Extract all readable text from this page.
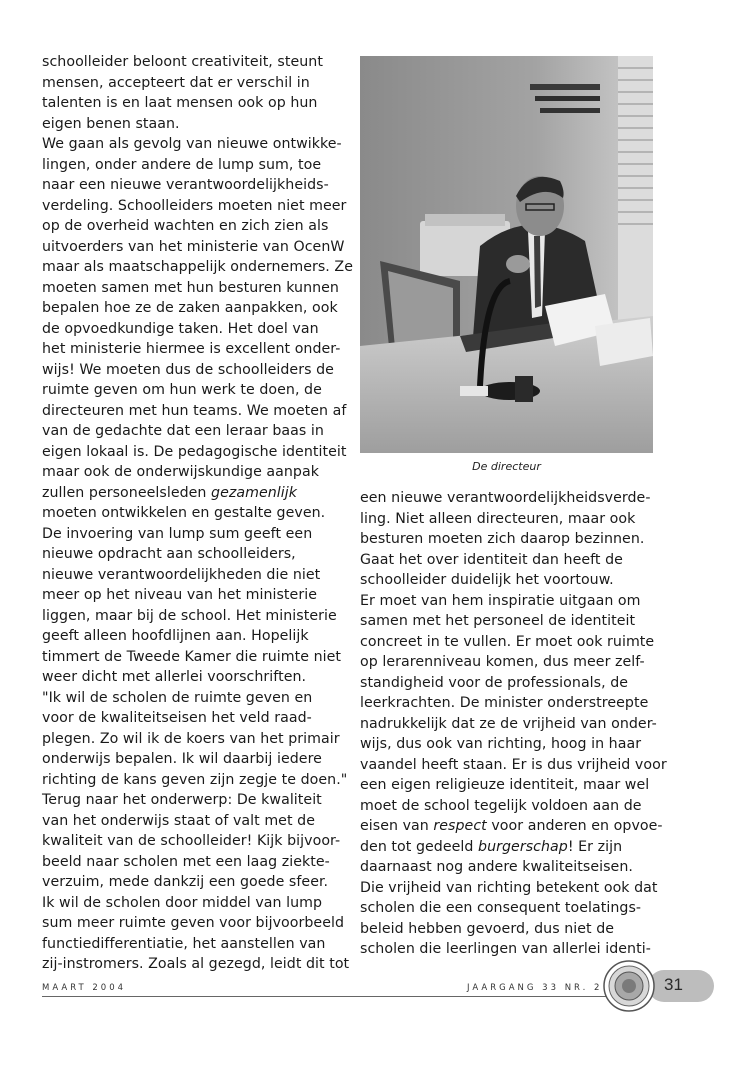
schoolleider beloont creativiteit, steunt
mensen, accepteert dat er verschil in
talenten is en laat mensen ook op hun
eigen benen staan.
We gaan als gevolg van nieuwe ontwikke-
lingen, onder andere de lump sum, toe
naar een nieuwe verantwoordelijkheids-
verdeling. Schoolleiders moeten niet meer
op de overheid wachten en zich zien als
uitvoerders van het ministerie van OcenW
maar als maatschappelijk ondernemers. Ze
moeten samen met hun besturen kunnen
bepalen hoe ze de zaken aanpakken, ook
de opvoedkundige taken. Het doel van
het ministerie hiermee is excellent onder-
wijs! We moeten dus de schoolleiders de
ruimte geven om hun werk te doen, de
directeuren met hun teams. We moeten af
van de gedachte dat een leraar baas in
eigen lokaal is. De pedagogische identiteit
maar ook de onderwijskundige aanpak
zullen personeelsleden gezamenlijk
moeten ontwikkelen en gestalte geven.
De invoering van lump sum geeft een
nieuwe opdracht aan schoolleiders,
nieuwe verantwoordelijkheden die niet
meer op het niveau van het ministerie
liggen, maar bij de school. Het ministerie
geeft alleen hoofdlijnen aan. Hopelijk
timmert de Tweede Kamer die ruimte niet
weer dicht met allerlei voorschriften.
"Ik wil de scholen de ruimte geven en
voor de kwaliteitseisen het veld raad-
plegen. Zo wil ik de koers van het primair
onderwijs bepalen. Ik wil daarbij iedere
richting de kans geven zijn zegje te doen."
Terug naar het onderwerp: De kwaliteit
van het onderwijs staat of valt met de
kwaliteit van de schoolleider! Kijk bijvoor-
beeld naar scholen met een laag ziekte-
verzuim, mede dankzij een goede sfeer.
Ik wil de scholen door middel van lump
sum meer ruimte geven voor bijvoorbeeld
functiedifferentiatie, het aanstellen van
zij-instromers. Zoals al gezegd, leidt dit tot
De directeur
een nieuwe verantwoordelijkheidsverde-
ling. Niet alleen directeuren, maar ook
besturen moeten zich daarop bezinnen.
Gaat het over identiteit dan heeft de
schoolleider duidelijk het voortouw.
Er moet van hem inspiratie uitgaan om
samen met het personeel de identiteit
concreet in te vullen. Er moet ook ruimte
op lerarenniveau komen, dus meer zelf-
standigheid voor de professionals, de
leerkrachten. De minister onderstreepte
nadrukkelijk dat ze de vrijheid van onder-
wijs, dus ook van richting, hoog in haar
vaandel heeft staan. Er is dus vrijheid voor
een eigen religieuze identiteit, maar wel
moet de school tegelijk voldoen aan de
eisen van respect voor anderen en opvoe-
den tot gedeeld burgerschap! Er zijn
daarnaast nog andere kwaliteitseisen.
Die vrijheid van richting betekent ook dat
scholen die een consequent toelatings-
beleid hebben gevoerd, dus niet de
scholen die leerlingen van allerlei identi-
MAART 2004	JAARGANG 33 NR. 2	31
